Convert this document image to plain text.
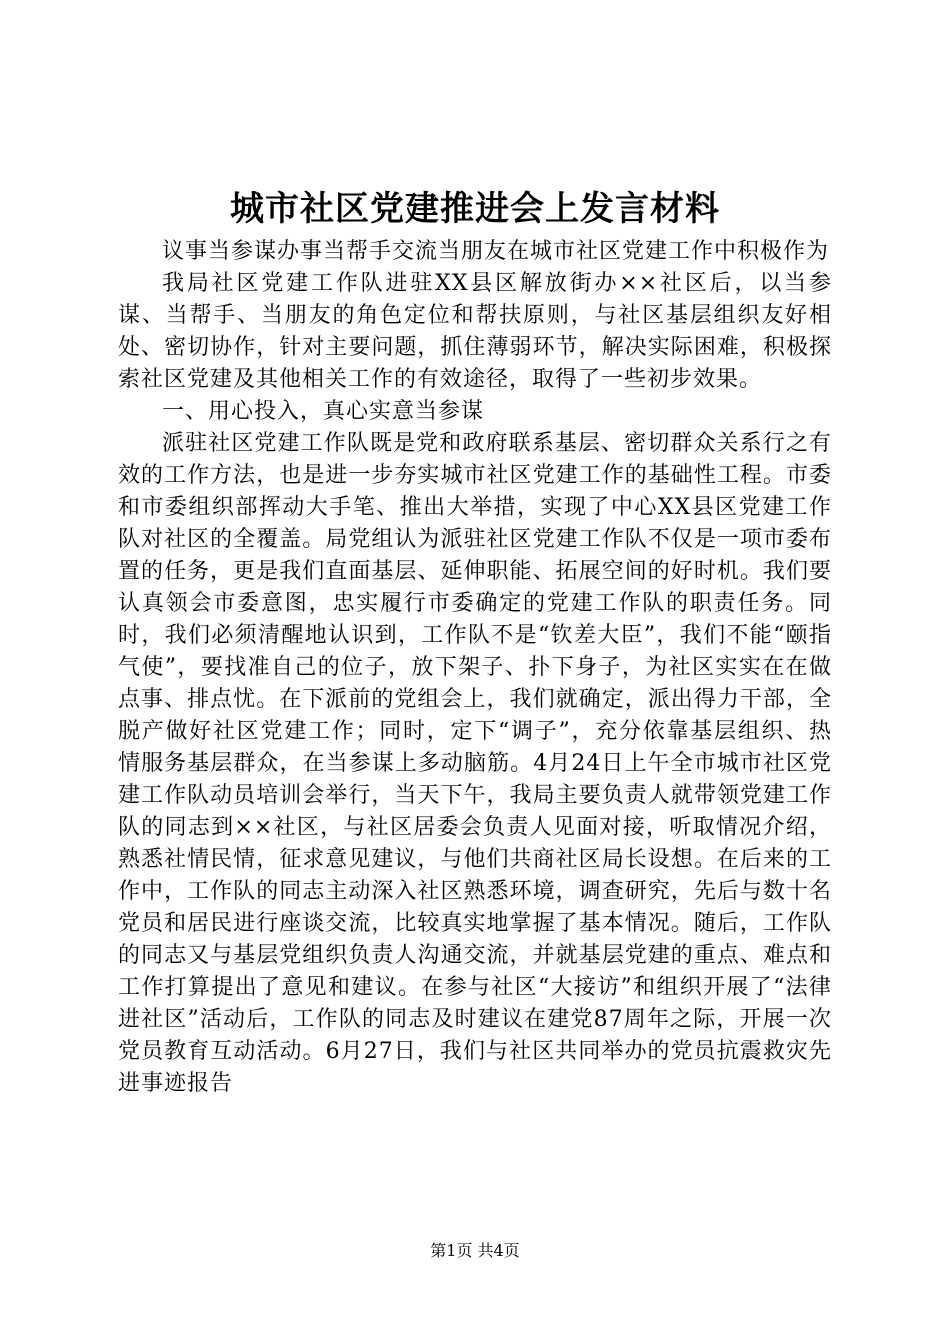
城市社区党建推进会上发言材料

议事当参谋办事当帮手交流当朋友在城市社区党建工作中积极作为

我局社区党建工作队进驻XX县区解放街办××社区后，以当参谋、当帮手、当朋友的角色定位和帮扶原则，与社区基层组织友好相处、密切协作，针对主要问题，抓住薄弱环节，解决实际困难，积极探索社区党建及其他相关工作的有效途径，取得了一些初步效果。

一、用心投入，真心实意当参谋

派驻社区党建工作队既是党和政府联系基层、密切群众关系行之有效的工作方法，也是进一步夯实城市社区党建工作的基础性工程。市委和市委组织部挥动大手笔、推出大举措，实现了中心XX县区党建工作队对社区的全覆盖。局党组认为派驻社区党建工作队不仅是一项市委布置的任务，更是我们直面基层、延伸职能、拓展空间的好时机。我们要认真领会市委意图，忠实履行市委确定的党建工作队的职责任务。同时，我们必须清醒地认识到，工作队不是“钦差大臣”，我们不能“颐指气使”，要找准自己的位子，放下架子、扑下身子，为社区实实在在做点事、排点忧。在下派前的党组会上，我们就确定，派出得力干部，全脱产做好社区党建工作；同时，定下“调子”，充分依靠基层组织、热情服务基层群众，在当参谋上多动脑筋。4月24日上午全市城市社区党建工作队动员培训会举行，当天下午，我局主要负责人就带领党建工作队的同志到××社区，与社区居委会负责人见面对接，听取情况介绍，熟悉社情民情，征求意见建议，与他们共商社区局长设想。在后来的工作中，工作队的同志主动深入社区熟悉环境，调查研究，先后与数十名党员和居民进行座谈交流，比较真实地掌握了基本情况。随后，工作队的同志又与基层党组织负责人沟通交流，并就基层党建的重点、难点和工作打算提出了意见和建议。在参与社区“大接访”和组织开展了“法律进社区”活动后，工作队的同志及时建议在建党87周年之际，开展一次党员教育互动活动。6月27日，我们与社区共同举办的党员抗震救灾先进事迹报告

第1页 共4页
